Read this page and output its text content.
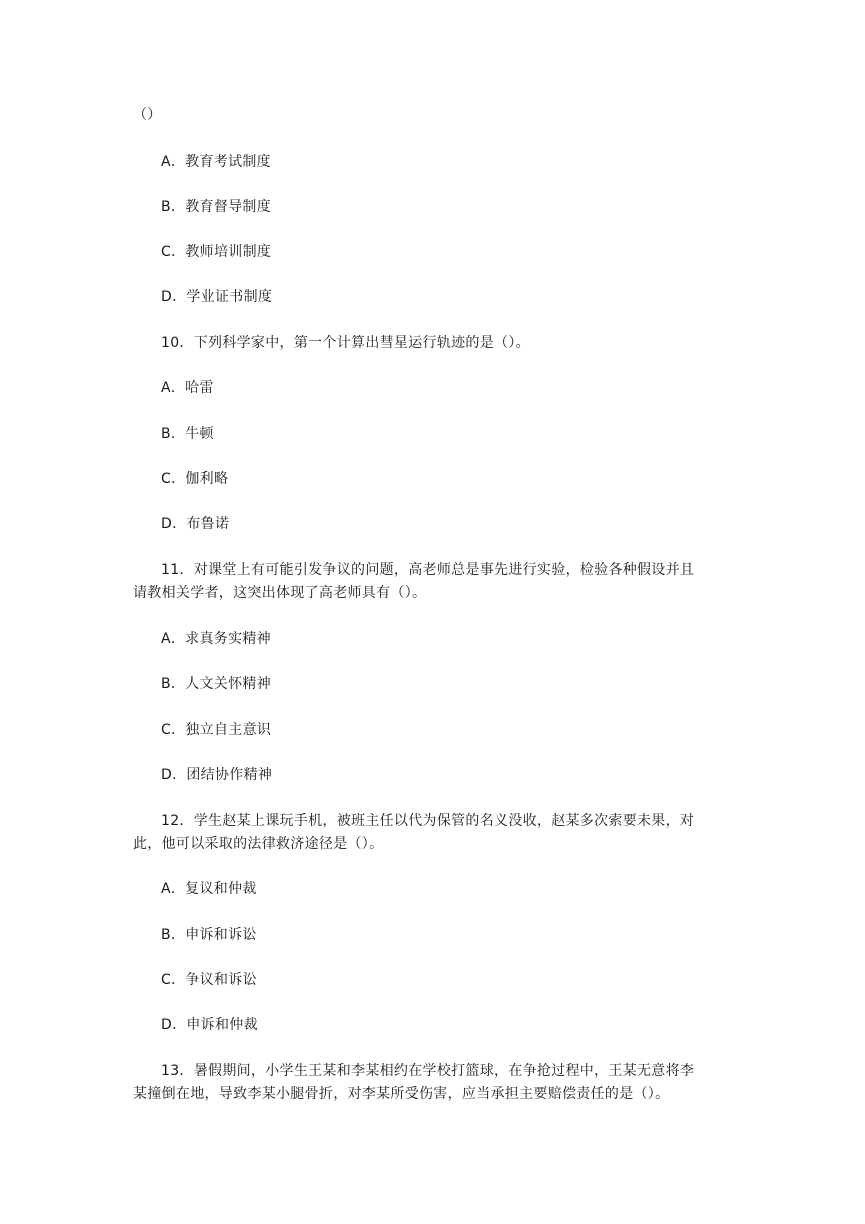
（）
A．教育考试制度
B．教育督导制度
C．教师培训制度
D．学业证书制度
10．下列科学家中，第一个计算出彗星运行轨迹的是（）。
A．哈雷
B．牛顿
C．伽利略
D．布鲁诺
11．对课堂上有可能引发争议的问题，高老师总是事先进行实验，检验各种假设并且
请教相关学者，这突出体现了高老师具有（）。
A．求真务实精神
B．人文关怀精神
C．独立自主意识
D．团结协作精神
12．学生赵某上课玩手机，被班主任以代为保管的名义没收，赵某多次索要未果，对
此，他可以采取的法律救济途径是（）。
A．复议和仲裁
B．申诉和诉讼
C．争议和诉讼
D．申诉和仲裁
13．暑假期间，小学生王某和李某相约在学校打篮球，在争抢过程中，王某无意将李
某撞倒在地，导致李某小腿骨折，对李某所受伤害，应当承担主要赔偿责任的是（）。
